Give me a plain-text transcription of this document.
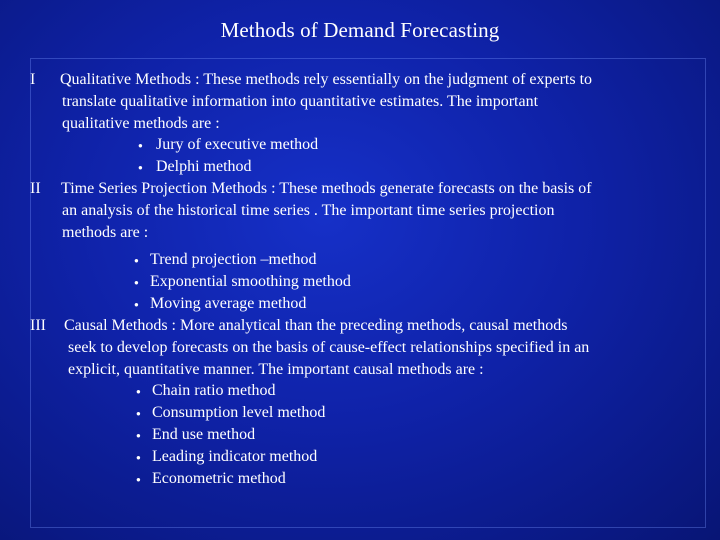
Methods of Demand Forecasting
I Qualitative Methods : These methods rely essentially on the judgment of experts to
translate qualitative information into quantitative estimates. The important
qualitative methods are :
● Jury of executive method
● Delphi method
II Time Series Projection Methods : These methods generate forecasts on the basis of
an analysis of the historical time series . The important time series projection
methods are :
● Trend projection –method
● Exponential smoothing method
● Moving average method
III Causal Methods : More analytical than the preceding methods, causal methods
seek to develop forecasts on the basis of cause-effect relationships specified in an
explicit, quantitative manner. The important causal methods are :
● Chain ratio method
● Consumption level method
● End use method
● Leading indicator method
● Econometric method
